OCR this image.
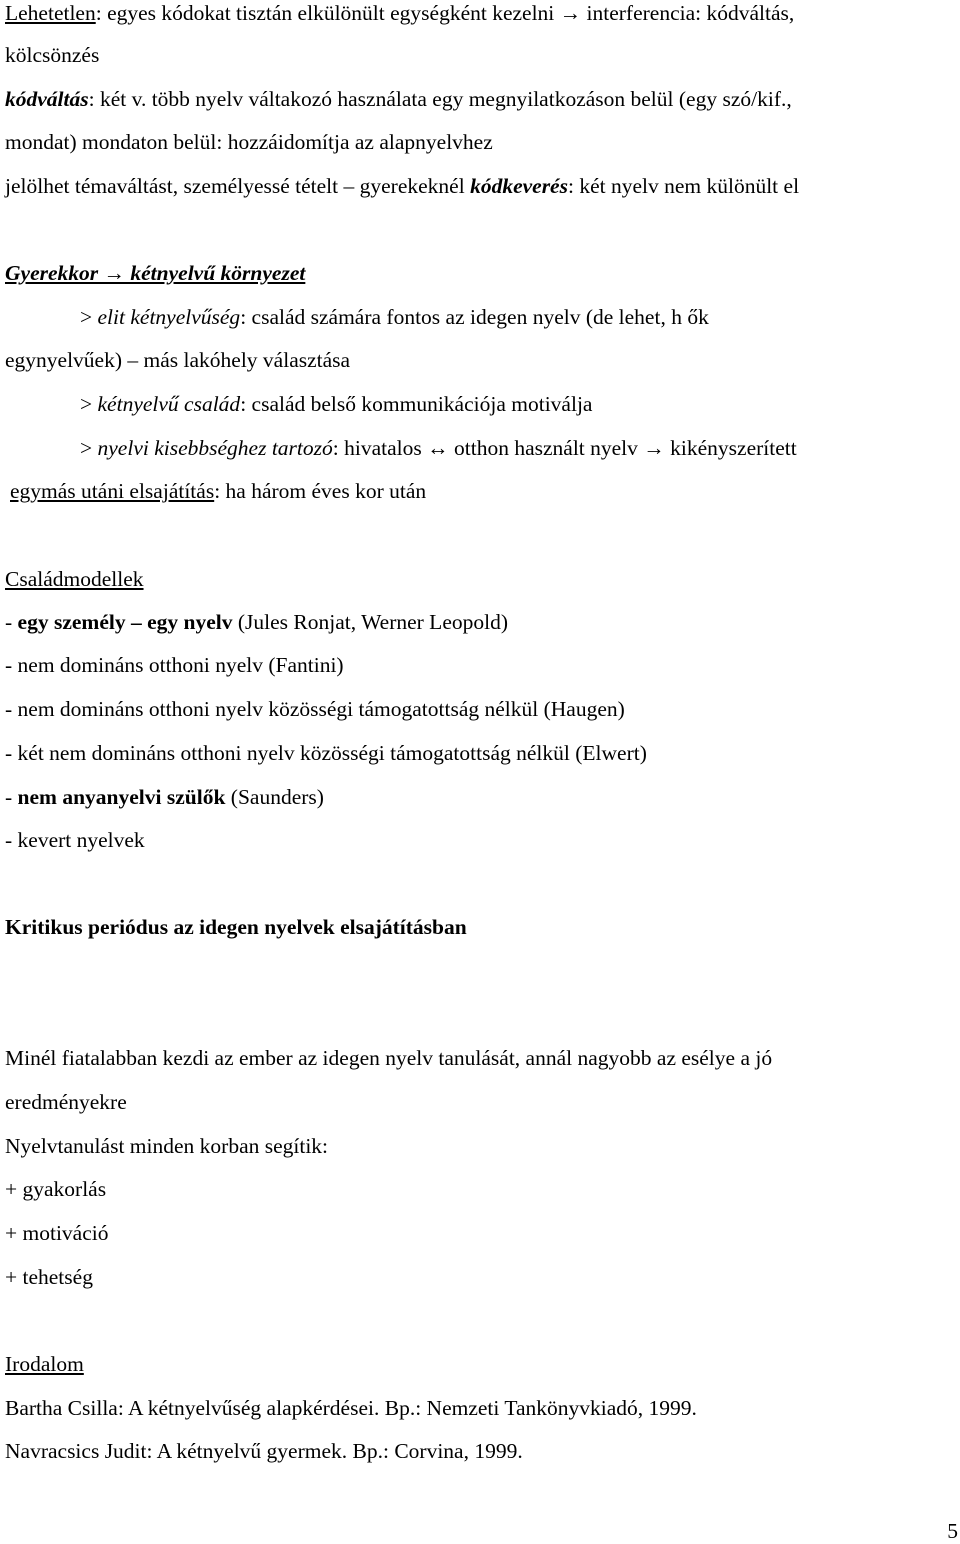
Lehetetlen: egyes kódokat tisztán elkülönült egységként kezelni → interferencia: kódváltás,
kölcsönzés
kódváltás: két v. több nyelv váltakozó használata egy megnyilatkozáson belül (egy szó/kif.,
mondat) mondaton belül: hozzáidomítja az alapnyelvhez
jelölhet témaváltást, személyessé tételt – gyerekeknél kódkeverés: két nyelv nem különült el
Gyerekkor → kétnyelvű környezet
> elit kétnyelvűség: család számára fontos az idegen nyelv (de lehet, h ők
egynyelvűek) – más lakóhely választása
> kétnyelvű család: család belső kommunikációja motiválja
> nyelvi kisebbséghez tartozó: hivatalos ↔ otthon használt nyelv → kikényszerített
egymás utáni elsajátítás: ha három éves kor után
Családmodellek
- egy személy – egy nyelv (Jules Ronjat, Werner Leopold)
- nem domináns otthoni nyelv (Fantini)
- nem domináns otthoni nyelv közösségi támogatottság nélkül (Haugen)
- két nem domináns otthoni nyelv közösségi támogatottság nélkül (Elwert)
- nem anyanyelvi szülők (Saunders)
- kevert nyelvek
Kritikus periódus az idegen nyelvek elsajátításban
Minél fiatalabban kezdi az ember az idegen nyelv tanulását, annál nagyobb az esélye a jó
eredményekre
Nyelvtanulást minden korban segítik:
+ gyakorlás
+ motiváció
+ tehetség
Irodalom
Bartha Csilla: A kétnyelvűség alapkérdései. Bp.: Nemzeti Tankönyvkiadó, 1999.
Navracsics Judit: A kétnyelvű gyermek. Bp.: Corvina, 1999.
5
